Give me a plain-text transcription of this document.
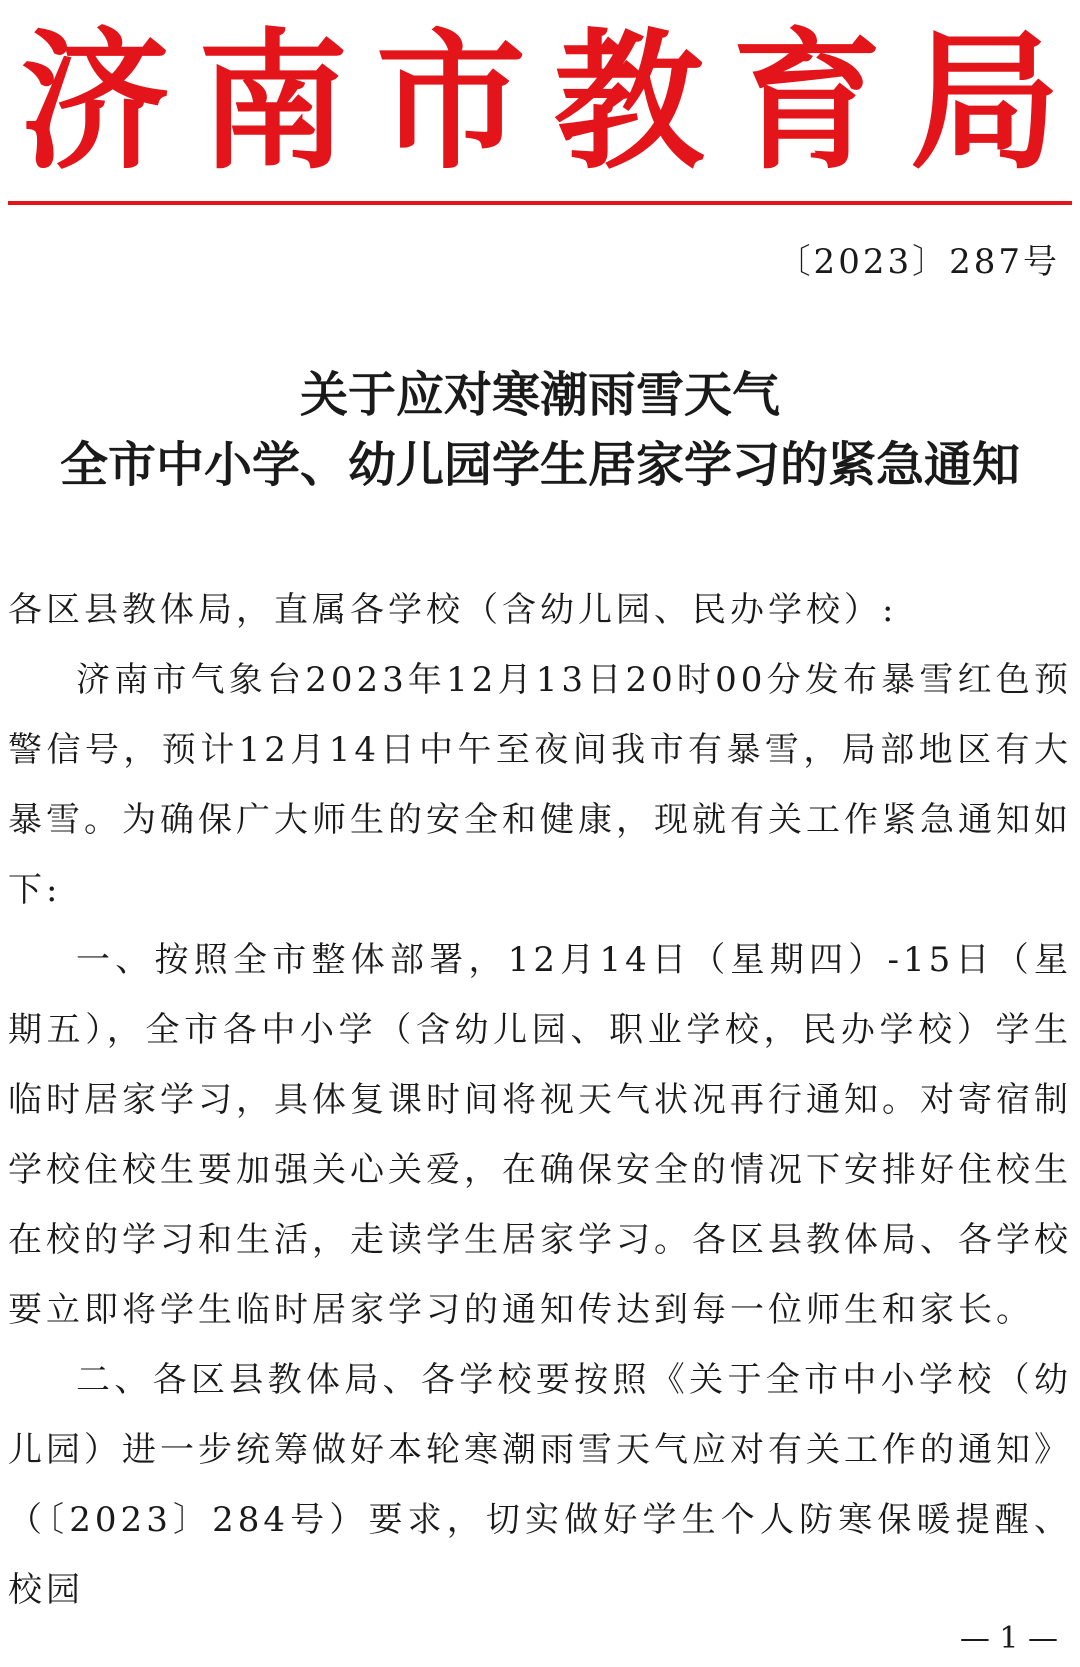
济 南 市 教 育 局
〔2023〕287号
关于应对寒潮雨雪天气
全市中小学、幼儿园学生居家学习的紧急通知

各区县教体局，直属各学校（含幼儿园、民办学校）:

济南市气象台2023年12月13日20时00分发布暴雪红色预警信号，预计12月14日中午至夜间我市有暴雪，局部地区有大暴雪。为确保广大师生的安全和健康，现就有关工作紧急通知如下:

一、按照全市整体部署，12月14日（星期四）-15日（星期五），全市各中小学（含幼儿园、职业学校，民办学校）学生临时居家学习，具体复课时间将视天气状况再行通知。对寄宿制学校住校生要加强关心关爱，在确保安全的情况下安排好住校生在校的学习和生活，走读学生居家学习。各区县教体局、各学校要立即将学生临时居家学习的通知传达到每一位师生和家长。

二、各区县教体局、各学校要按照《关于全市中小学校（幼儿园）进一步统筹做好本轮寒潮雨雪天气应对有关工作的通知》（〔2023〕284号）要求，切实做好学生个人防寒保暖提醒、校园

— 1 —
